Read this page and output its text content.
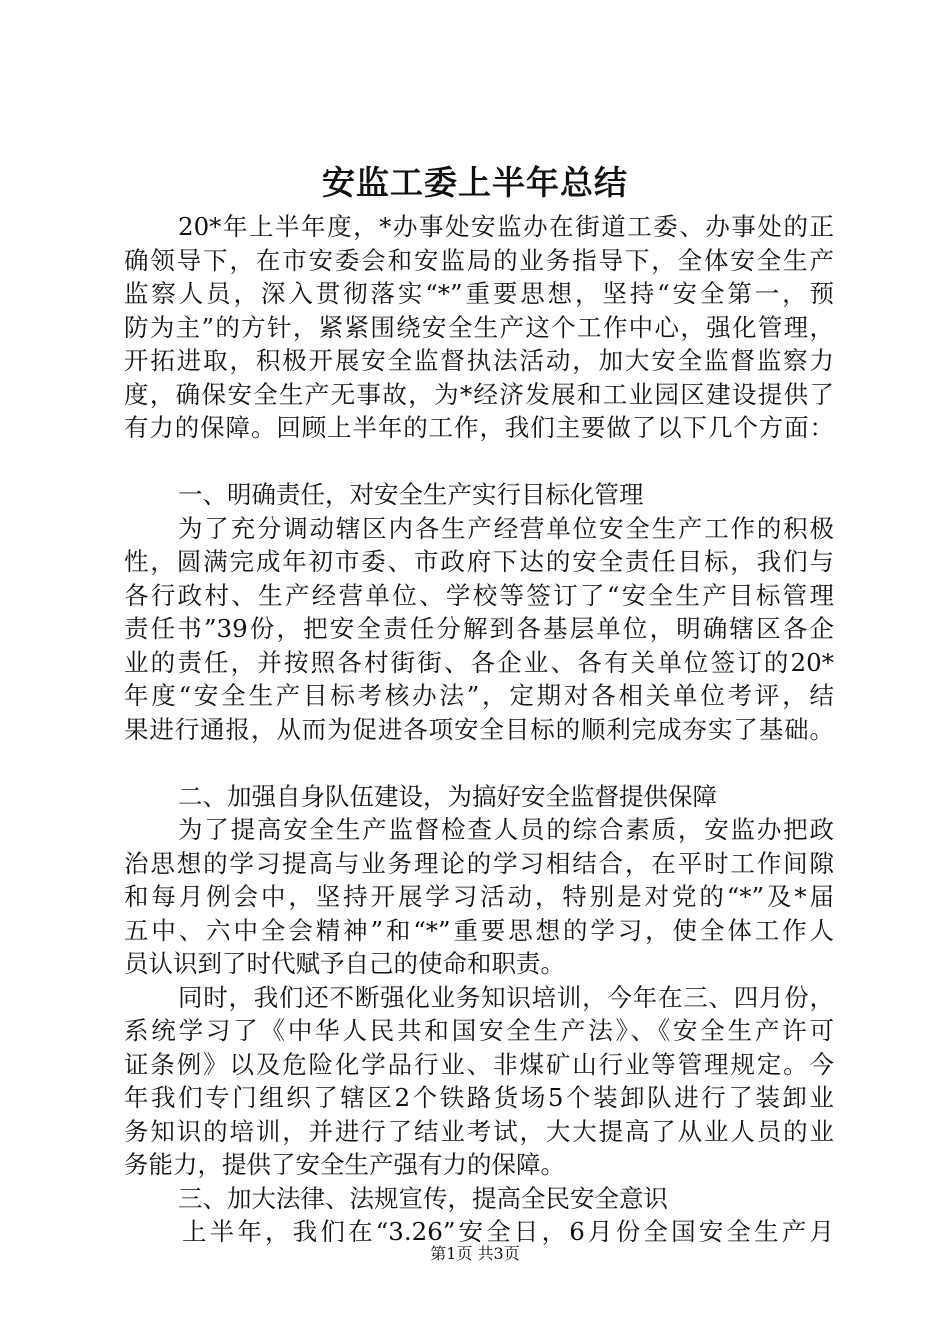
安监工委上半年总结
20*年上半年度，*办事处安监办在街道工委、办事处的正
确领导下，在市安委会和安监局的业务指导下，全体安全生产
监察人员，深入贯彻落实“*”重要思想，坚持“安全第一，预
防为主”的方针，紧紧围绕安全生产这个工作中心，强化管理，
开拓进取，积极开展安全监督执法活动，加大安全监督监察力
度，确保安全生产无事故，为*经济发展和工业园区建设提供了
有力的保障。回顾上半年的工作，我们主要做了以下几个方面：
一、明确责任，对安全生产实行目标化管理
为了充分调动辖区内各生产经营单位安全生产工作的积极
性，圆满完成年初市委、市政府下达的安全责任目标，我们与
各行政村、生产经营单位、学校等签订了“安全生产目标管理
责任书”39份，把安全责任分解到各基层单位，明确辖区各企
业的责任，并按照各村街街、各企业、各有关单位签订的20*
年度“安全生产目标考核办法”，定期对各相关单位考评，结
果进行通报，从而为促进各项安全目标的顺利完成夯实了基础。
二、加强自身队伍建设，为搞好安全监督提供保障
为了提高安全生产监督检查人员的综合素质，安监办把政
治思想的学习提高与业务理论的学习相结合，在平时工作间隙
和每月例会中，坚持开展学习活动，特别是对党的“*”及*届
五中、六中全会精神”和“*”重要思想的学习，使全体工作人
员认识到了时代赋予自己的使命和职责。
同时，我们还不断强化业务知识培训，今年在三、四月份，
系统学习了《中华人民共和国安全生产法》、《安全生产许可
证条例》以及危险化学品行业、非煤矿山行业等管理规定。今
年我们专门组织了辖区2个铁路货场5个装卸队进行了装卸业
务知识的培训，并进行了结业考试，大大提高了从业人员的业
务能力，提供了安全生产强有力的保障。
三、加大法律、法规宣传，提高全民安全意识
上半年，我们在“3.26”安全日，6月份全国安全生产月
第1页 共3页
